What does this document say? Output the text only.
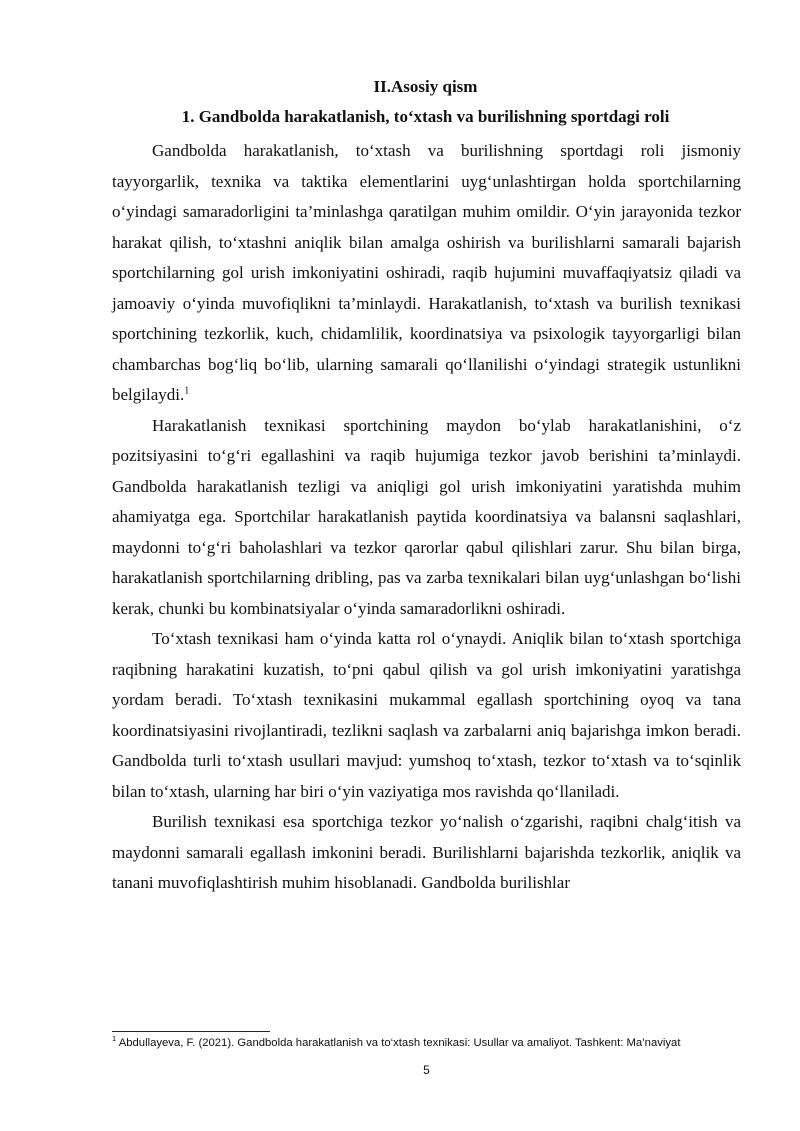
II.Asosiy qism
1. Gandbolda harakatlanish, to‘xtash va burilishning sportdagi roli

Gandbolda harakatlanish, to‘xtash va burilishning sportdagi roli jismoniy tayyorgarlik, texnika va taktika elementlarini uyg‘unlashtirgan holda sportchilarning o‘yindagi samaradorligini ta’minlashga qaratilgan muhim omildir. O‘yin jarayonida tezkor harakat qilish, to‘xtashni aniqlik bilan amalga oshirish va burilishlarni samarali bajarish sportchilarning gol urish imkoniyatini oshiradi, raqib hujumini muvaffaqiyatsiz qiladi va jamoaviy o‘yinda muvofiqlikni ta’minlaydi. Harakatlanish, to‘xtash va burilish texnikasi sportchining tezkorlik, kuch, chidamlilik, koordinatsiya va psixologik tayyorgarligi bilan chambarchas bog‘liq bo‘lib, ularning samarali qo‘llanilishi o‘yindagi strategik ustunlikni belgilaydi.$^1$

Harakatlanish texnikasi sportchining maydon bo‘ylab harakatlanishini, o‘z pozitsiyasini to‘g‘ri egallashini va raqib hujumiga tezkor javob berishini ta’minlaydi. Gandbolda harakatlanish tezligi va aniqligi gol urish imkoniyatini yaratishda muhim ahamiyatga ega. Sportchilar harakatlanish paytida koordinatsiya va balansni saqlashlari, maydonni to‘g‘ri baholashlari va tezkor qarorlar qabul qilishlari zarur. Shu bilan birga, harakatlanish sportchilarning dribling, pas va zarba texnikalari bilan uyg‘unlashgan bo‘lishi kerak, chunki bu kombinatsiyalar o‘yinda samaradorlikni oshiradi.

To‘xtash texnikasi ham o‘yinda katta rol o‘ynaydi. Aniqlik bilan to‘xtash sportchiga raqibning harakatini kuzatish, to‘pni qabul qilish va gol urish imkoniyatini yaratishga yordam beradi. To‘xtash texnikasini mukammal egallash sportchining oyoq va tana koordinatsiyasini rivojlantiradi, tezlikni saqlash va zarbalarni aniq bajarishga imkon beradi. Gandbolda turli to‘xtash usullari mavjud: yumshoq to‘xtash, tezkor to‘xtash va to‘sqinlik bilan to‘xtash, ularning har biri o‘yin vaziyatiga mos ravishda qo‘llaniladi.

Burilish texnikasi esa sportchiga tezkor yo‘nalish o‘zgarishi, raqibni chalg‘itish va maydonni samarali egallash imkonini beradi. Burilishlarni bajarishda tezkorlik, aniqlik va tanani muvofiqlashtirish muhim hisoblanadi. Gandbolda burilishlar

$^1$ Abdullayeva, F. (2021). Gandbolda harakatlanish va to‘xtash texnikasi: Usullar va amaliyot. Tashkent: Ma’naviyat

5
